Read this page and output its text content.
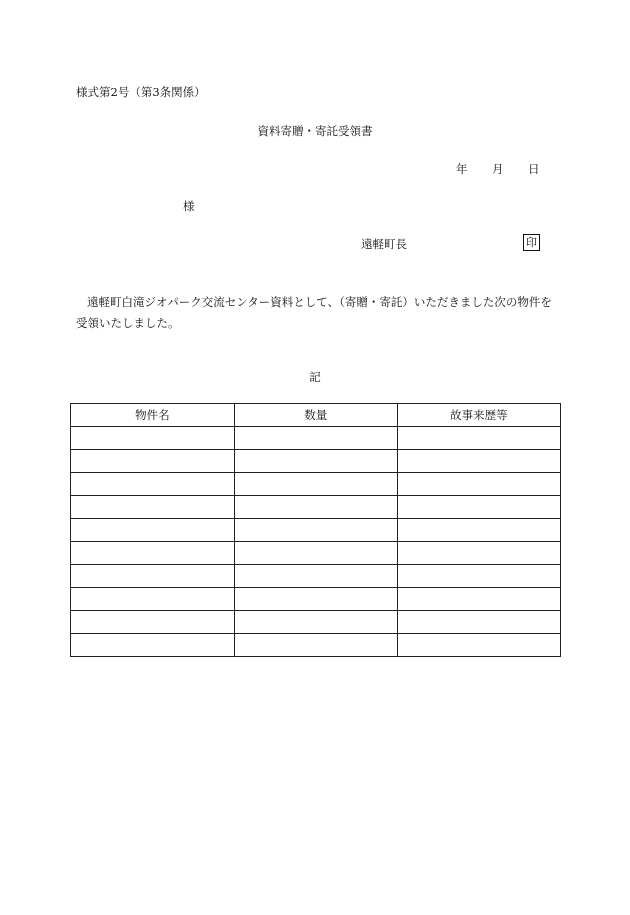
様式第2号（第3条関係）
資料寄贈・寄託受領書
年 月 日
様
遠軽町長	印
遠軽町白滝ジオパーク交流センター資料として、（寄贈・寄託）いただきました次の物件を受領いたしました。
記
物件名	数量	故事来歴等
